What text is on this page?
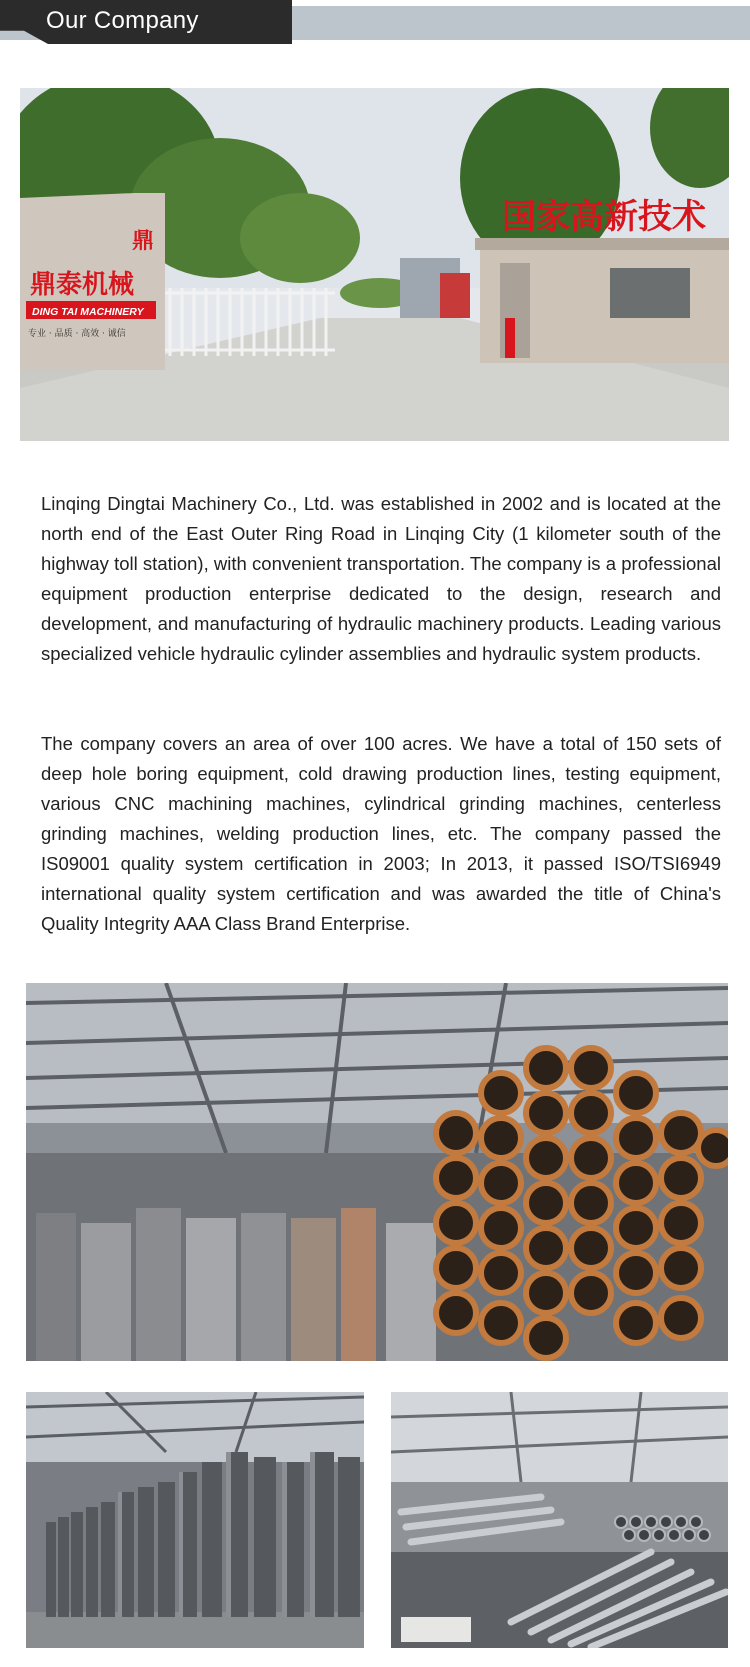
Our Company
鼎泰机械
鼎
DING TAI MACHINERY
专业 · 品质 · 高效 · 诚信
国家高新技术

Linqing Dingtai Machinery Co., Ltd. was established in 2002 and is located at the north end of the East Outer Ring Road in Linqing City (1 kilometer south of the highway toll station), with convenient transportation. The company is a professional equipment production enterprise dedicated to the design, research and development, and manufacturing of hydraulic machinery products. Leading various specialized vehicle hydraulic cylinder assemblies and hydraulic system products.

The company covers an area of over 100 acres. We have a total of 150 sets of deep hole boring equipment, cold drawing production lines, testing equipment, various CNC machining machines, cylindrical grinding machines, centerless grinding machines, welding production lines, etc. The company passed the IS09001 quality system certification in 2003; In 2013, it passed ISO/TSI6949 international quality system certification and was awarded the title of China's Quality Integrity AAA Class Brand Enterprise.
